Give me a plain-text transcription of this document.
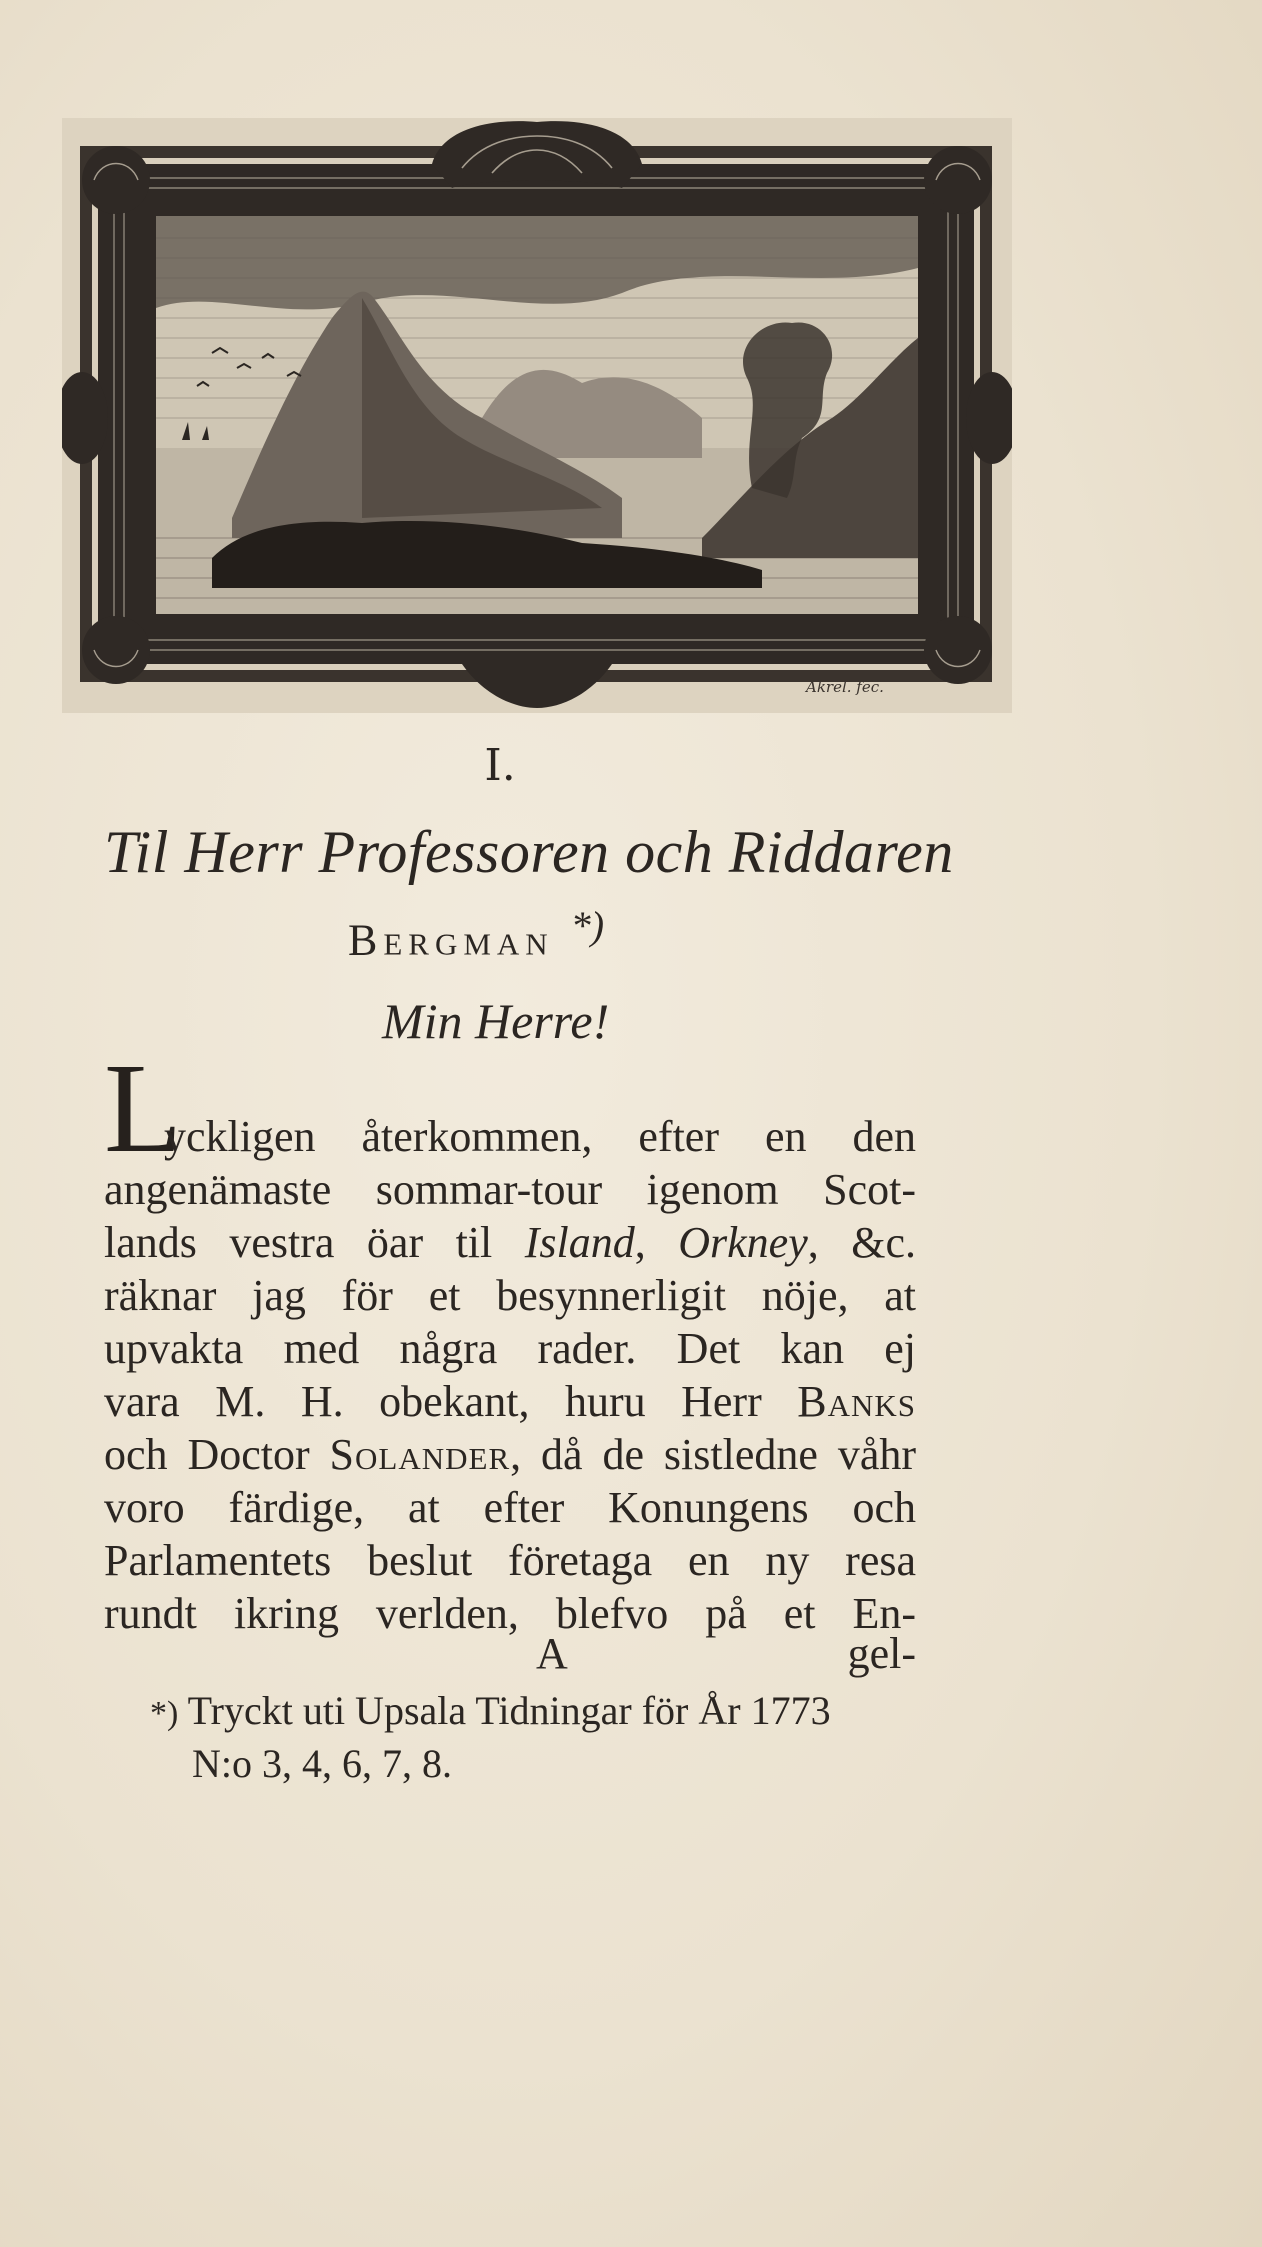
Akrel. fec.
I.
Til Herr Professoren och Riddaren
Bergman *)
Min Herre!
L
yckligen återkommen, efter en den
angenämaste sommar-tour igenom Scot-
lands vestra öar til Island, Orkney, &c.
räknar jag för et besynnerligit nöje, at
upvakta med några rader. Det kan ej
vara M. H. obekant, huru Herr Banks
och Doctor Solander, då de sistledne våhr
voro färdige, at efter Konungens och
Parlamentets beslut företaga en ny resa
rundt ikring verlden, blefvo på et En-
A	gel-
*) Tryckt uti Upsala Tidningar för År 1773
N:o 3, 4, 6, 7, 8.
